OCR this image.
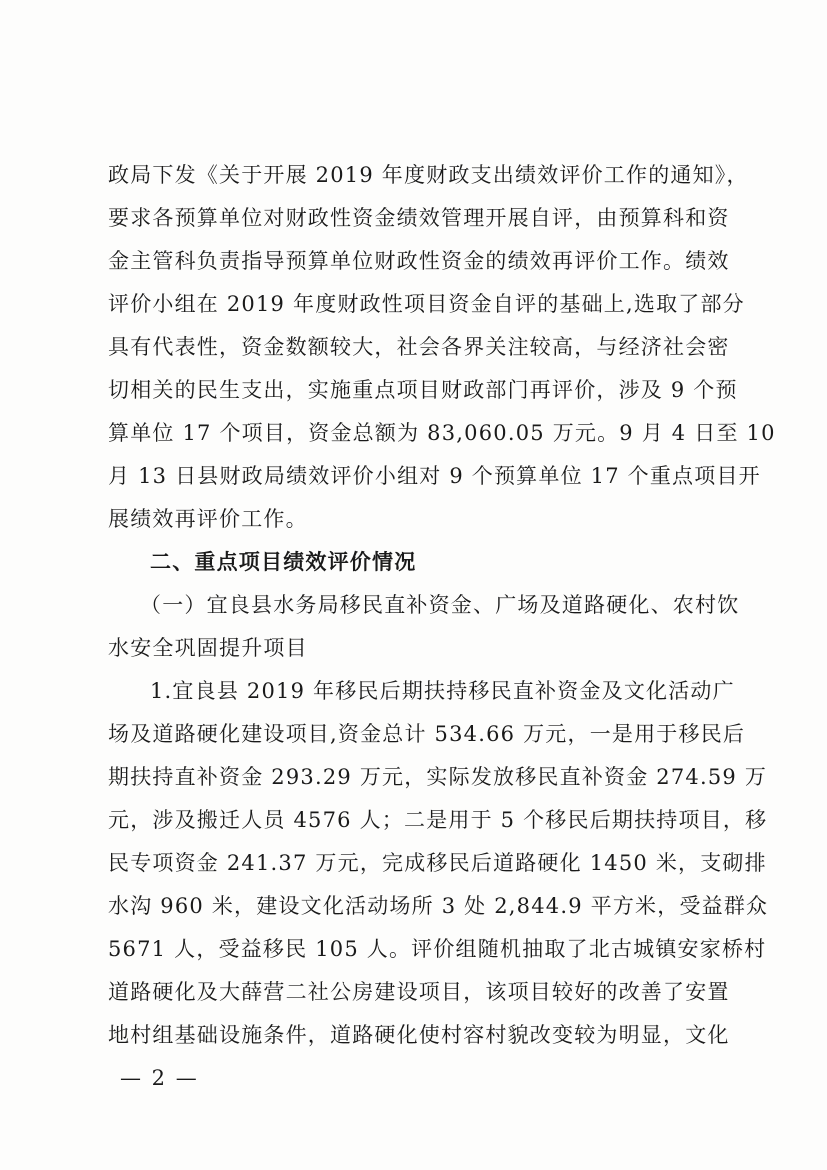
政局下发《关于开展 2019 年度财政支出绩效评价工作的通知》，
要求各预算单位对财政性资金绩效管理开展自评，由预算科和资
金主管科负责指导预算单位财政性资金的绩效再评价工作。绩效
评价小组在 2019 年度财政性项目资金自评的基础上,选取了部分
具有代表性，资金数额较大，社会各界关注较高，与经济社会密
切相关的民生支出，实施重点项目财政部门再评价，涉及 9 个预
算单位 17 个项目，资金总额为 83,060.05 万元。9 月 4 日至 10
月 13 日县财政局绩效评价小组对 9 个预算单位 17 个重点项目开
展绩效再评价工作。
二、重点项目绩效评价情况
（一）宜良县水务局移民直补资金、广场及道路硬化、农村饮
水安全巩固提升项目
1.宜良县 2019 年移民后期扶持移民直补资金及文化活动广
场及道路硬化建设项目,资金总计 534.66 万元，一是用于移民后
期扶持直补资金 293.29 万元，实际发放移民直补资金 274.59 万
元，涉及搬迁人员 4576 人；二是用于 5 个移民后期扶持项目，移
民专项资金 241.37 万元，完成移民后道路硬化 1450 米，支砌排
水沟 960 米，建设文化活动场所 3 处 2,844.9 平方米，受益群众
5671 人，受益移民 105 人。评价组随机抽取了北古城镇安家桥村
道路硬化及大薛营二社公房建设项目，该项目较好的改善了安置
地村组基础设施条件，道路硬化使村容村貌改变较为明显，文化
— 2 —
